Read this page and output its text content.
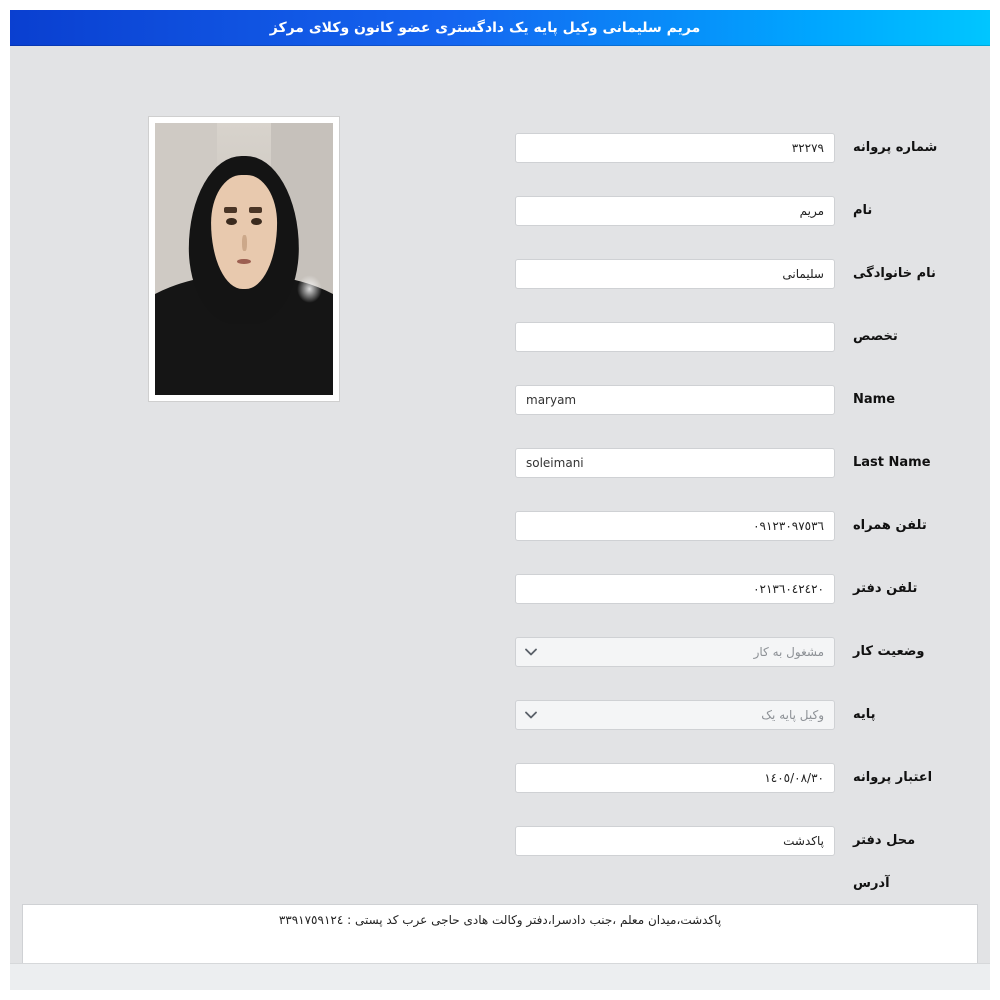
مریم سلیمانی وکیل پایه یک دادگستری عضو کانون وکلای مرکز
شماره پروانه
٣٢٢٧٩
نام
مریم
نام خانوادگی
سلیمانی
تخصص
Name
maryam
Last Name
soleimani
تلفن همراه
٠٩١٢٣٠٩٧٥٣٦
تلفن دفتر
٠٢١٣٦٠٤٢٤٢٠
وضعیت کار
مشغول به کار
پایه
وکیل پایه یک
اعتبار پروانه
١٤٠٥/٠٨/٣٠
محل دفتر
پاکدشت
آدرس
پاکدشت،میدان معلم ،جنب دادسرا،دفتر وکالت هادی حاجی عرب کد پستی : ٣٣٩١٧٥٩١٢٤
